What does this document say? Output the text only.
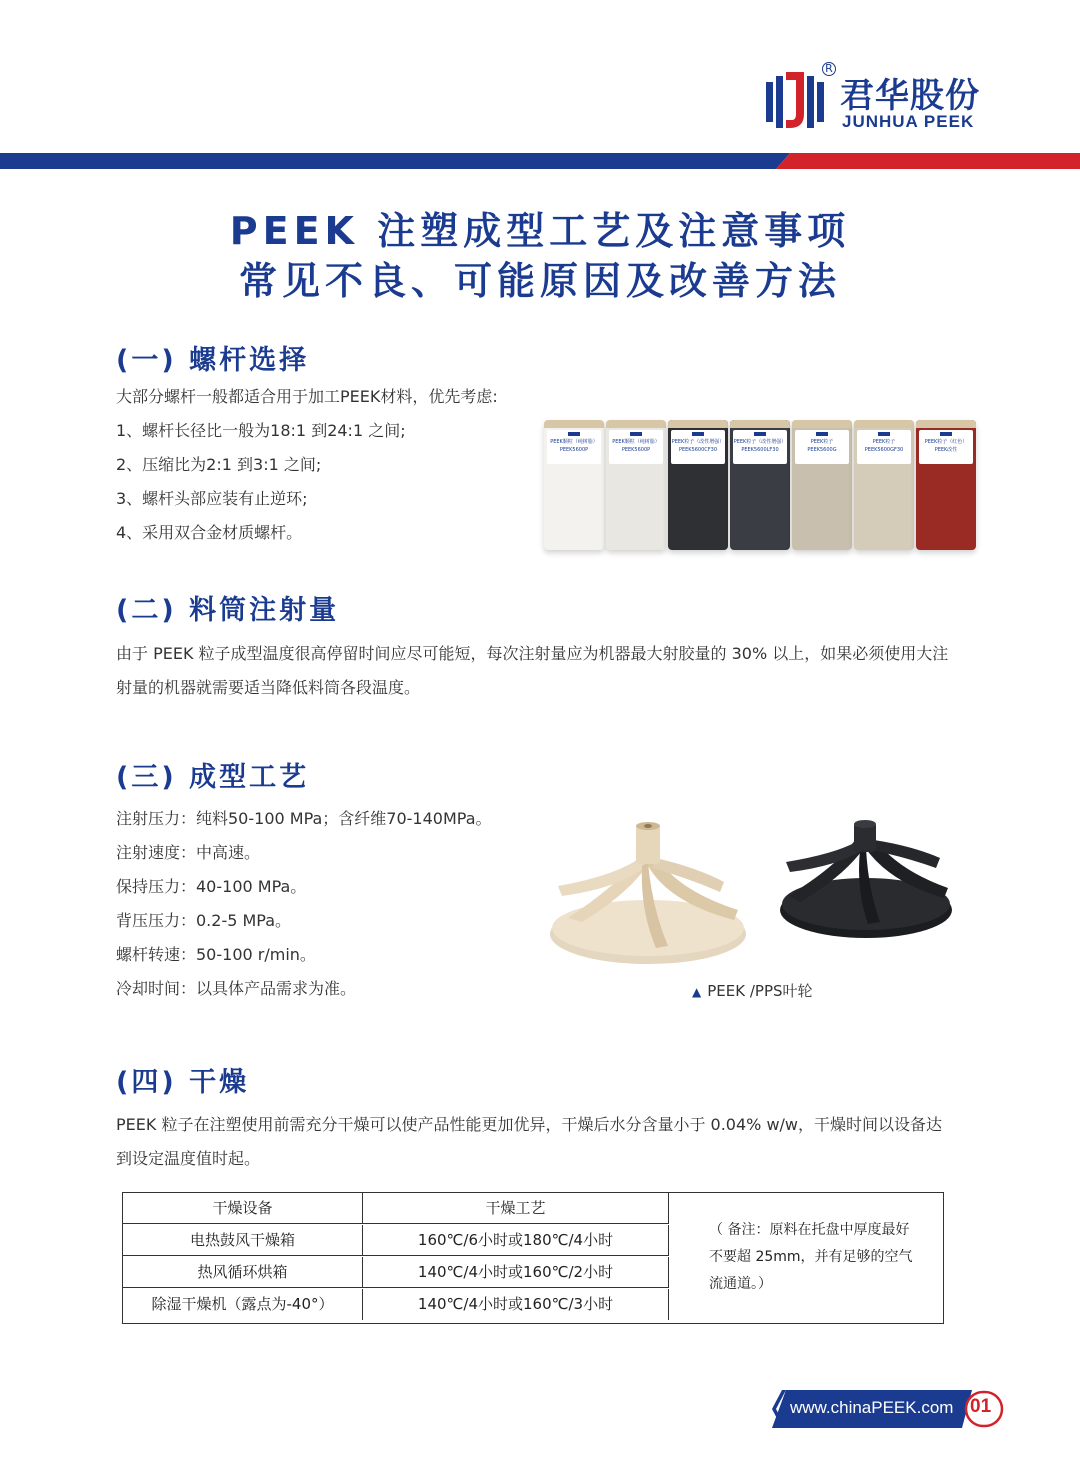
R
君华股份
JUNHUA PEEK
PEEK 注塑成型工艺及注意事项
常见不良、可能原因及改善方法
(一) 螺杆选择
大部分螺杆一般都适合用于加工PEEK材料，优先考虑:
1、螺杆长径比一般为18:1 到24:1 之间;
2、压缩比为2:1 到3:1 之间;
3、螺杆头部应装有止逆环;
4、采用双合金材质螺杆。
PEEK颗粒（纯树脂）
PEEK5600P
PEEK颗粒（纯树脂）
PEEK5600P
PEEK粒子（改性增强）
PEEK5600CF30
PEEK粒子（改性增强）
PEEK5600LF30
PEEK粒子
PEEK5600G
PEEK粒子
PEEK5600GF30
PEEK粒子（红色）
PEEK改性
(二) 料筒注射量
由于 PEEK 粒子成型温度很高停留时间应尽可能短，每次注射量应为机器最大射胶量的 30% 以上，如果必须使用大注射量的机器就需要适当降低料筒各段温度。
(三) 成型工艺
注射压力：纯料50-100 MPa；含纤维70-140MPa。
注射速度：中高速。
保持压力：40-100 MPa。
背压压力：0.2-5 MPa。
螺杆转速：50-100 r/min。
冷却时间：以具体产品需求为准。	▲ PEEK /PPS叶轮
(四) 干燥
PEEK 粒子在注塑使用前需充分干燥可以使产品性能更加优异，干燥后水分含量小于 0.04% w/w，干燥时间以设备达到设定温度值时起。
干燥设备	干燥工艺
电热鼓风干燥箱	160℃/6小时或180℃/4小时
热风循环烘箱	140℃/4小时或160℃/2小时
除湿干燥机（露点为-40°）	140℃/4小时或160℃/3小时
（ 备注：原料在托盘中厚度最好不要超 25mm，并有足够的空气流通道。）
www.chinaPEEK.com 01
